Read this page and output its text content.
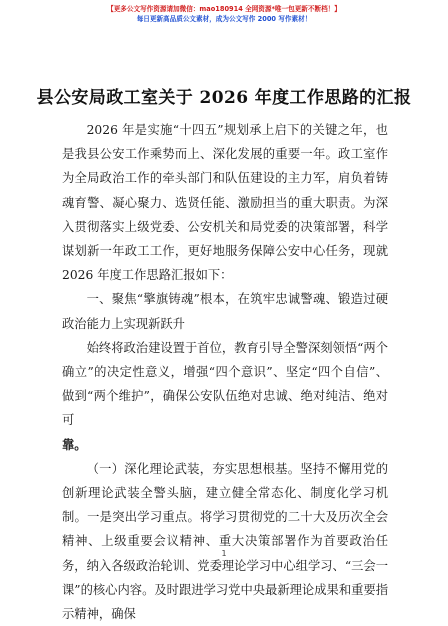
【更多公文写作资源请加微信：mao180914 全网资源*唯一包更新不断档！】
每日更新高品质公文素材，成为公文写作 2000 写作素材！
县公安局政工室关于 2026 年度工作思路的汇报

2026 年是实施“十四五”规划承上启下的关键之年，也是我县公安工作乘势而上、深化发展的重要一年。政工室作为全局政治工作的牵头部门和队伍建设的主力军，肩负着铸魂育警、凝心聚力、选贤任能、激励担当的重大职责。为深入贯彻落实上级党委、公安机关和局党委的决策部署，科学谋划新一年政工工作，更好地服务保障公安中心任务，现就 2026 年度工作思路汇报如下：

一、聚焦“擎旗铸魂”根本，在筑牢忠诚警魂、锻造过硬政治能力上实现新跃升

始终将政治建设置于首位，教育引导全警深刻领悟“两个确立”的决定性意义，增强“四个意识”、坚定“四个自信”、做到“两个维护”，确保公安队伍绝对忠诚、绝对纯洁、绝对可

靠。

（一）深化理论武装，夯实思想根基。坚持不懈用党的创新理论武装全警头脑，建立健全常态化、制度化学习机制。一是突出学习重点。将学习贯彻党的二十大及历次全会精神、上级重要会议精神、重大决策部署作为首要政治任务，纳入各级政治轮训、党委理论学习中心组学习、“三会一课”的核心内容。及时跟进学习党中央最新理论成果和重要指示精神，确保

1
